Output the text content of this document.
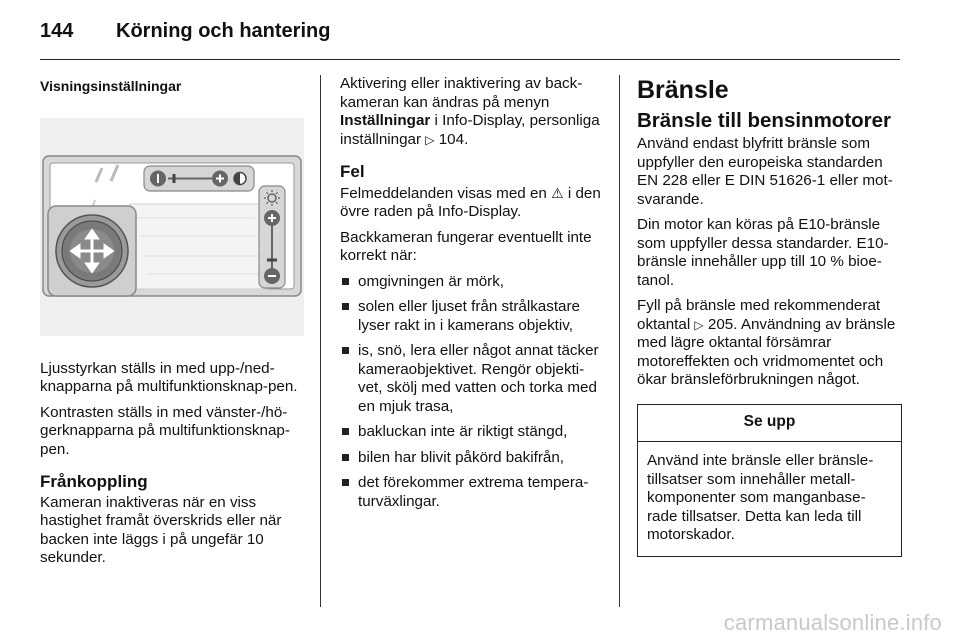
144	Körning och hantering
Visningsinställningar

Ljusstyrkan ställs in med upp-/ned-knapparna på multifunktionsknap-pen.

Kontrasten ställs in med vänster-/hö-gerknapparna på multifunktionsknap-pen.

Frånkoppling

Kameran inaktiveras när en viss hastighet framåt överskrids eller när backen inte läggs i på ungefär 10 sekunder.

Aktivering eller inaktivering av back-kameran kan ändras på menyn Inställningar i Info-Display, personliga inställningar ▷ 104.

Fel

Felmeddelanden visas med en ⚠ i den övre raden på Info-Display.

Backkameran fungerar eventuellt inte korrekt när:

omgivningen är mörk,
solen eller ljuset från strålkastare lyser rakt in i kamerans objektiv,
is, snö, lera eller något annat täcker kameraobjektivet. Rengör objekti-vet, skölj med vatten och torka med en mjuk trasa,
bakluckan inte är riktigt stängd,
bilen har blivit påkörd bakifrån,
det förekommer extrema tempera-turväxlingar.
Bränsle
Bränsle till bensinmotorer

Använd endast blyfritt bränsle som uppfyller den europeiska standarden EN 228 eller E DIN 51626-1 eller mot-svarande.

Din motor kan köras på E10-bränsle som uppfyller dessa standarder. E10-bränsle innehåller upp till 10 % bioe-tanol.

Fyll på bränsle med rekommenderat oktantal ▷ 205. Användning av bränsle med lägre oktantal försämrar motoreffekten och vridmomentet och ökar bränsleförbrukningen något.

Se upp
Använd inte bränsle eller bränsle-tillsatser som innehåller metall-komponenter som manganbase-rade tillsatser. Detta kan leda till motorskador.
carmanualsonline.info
